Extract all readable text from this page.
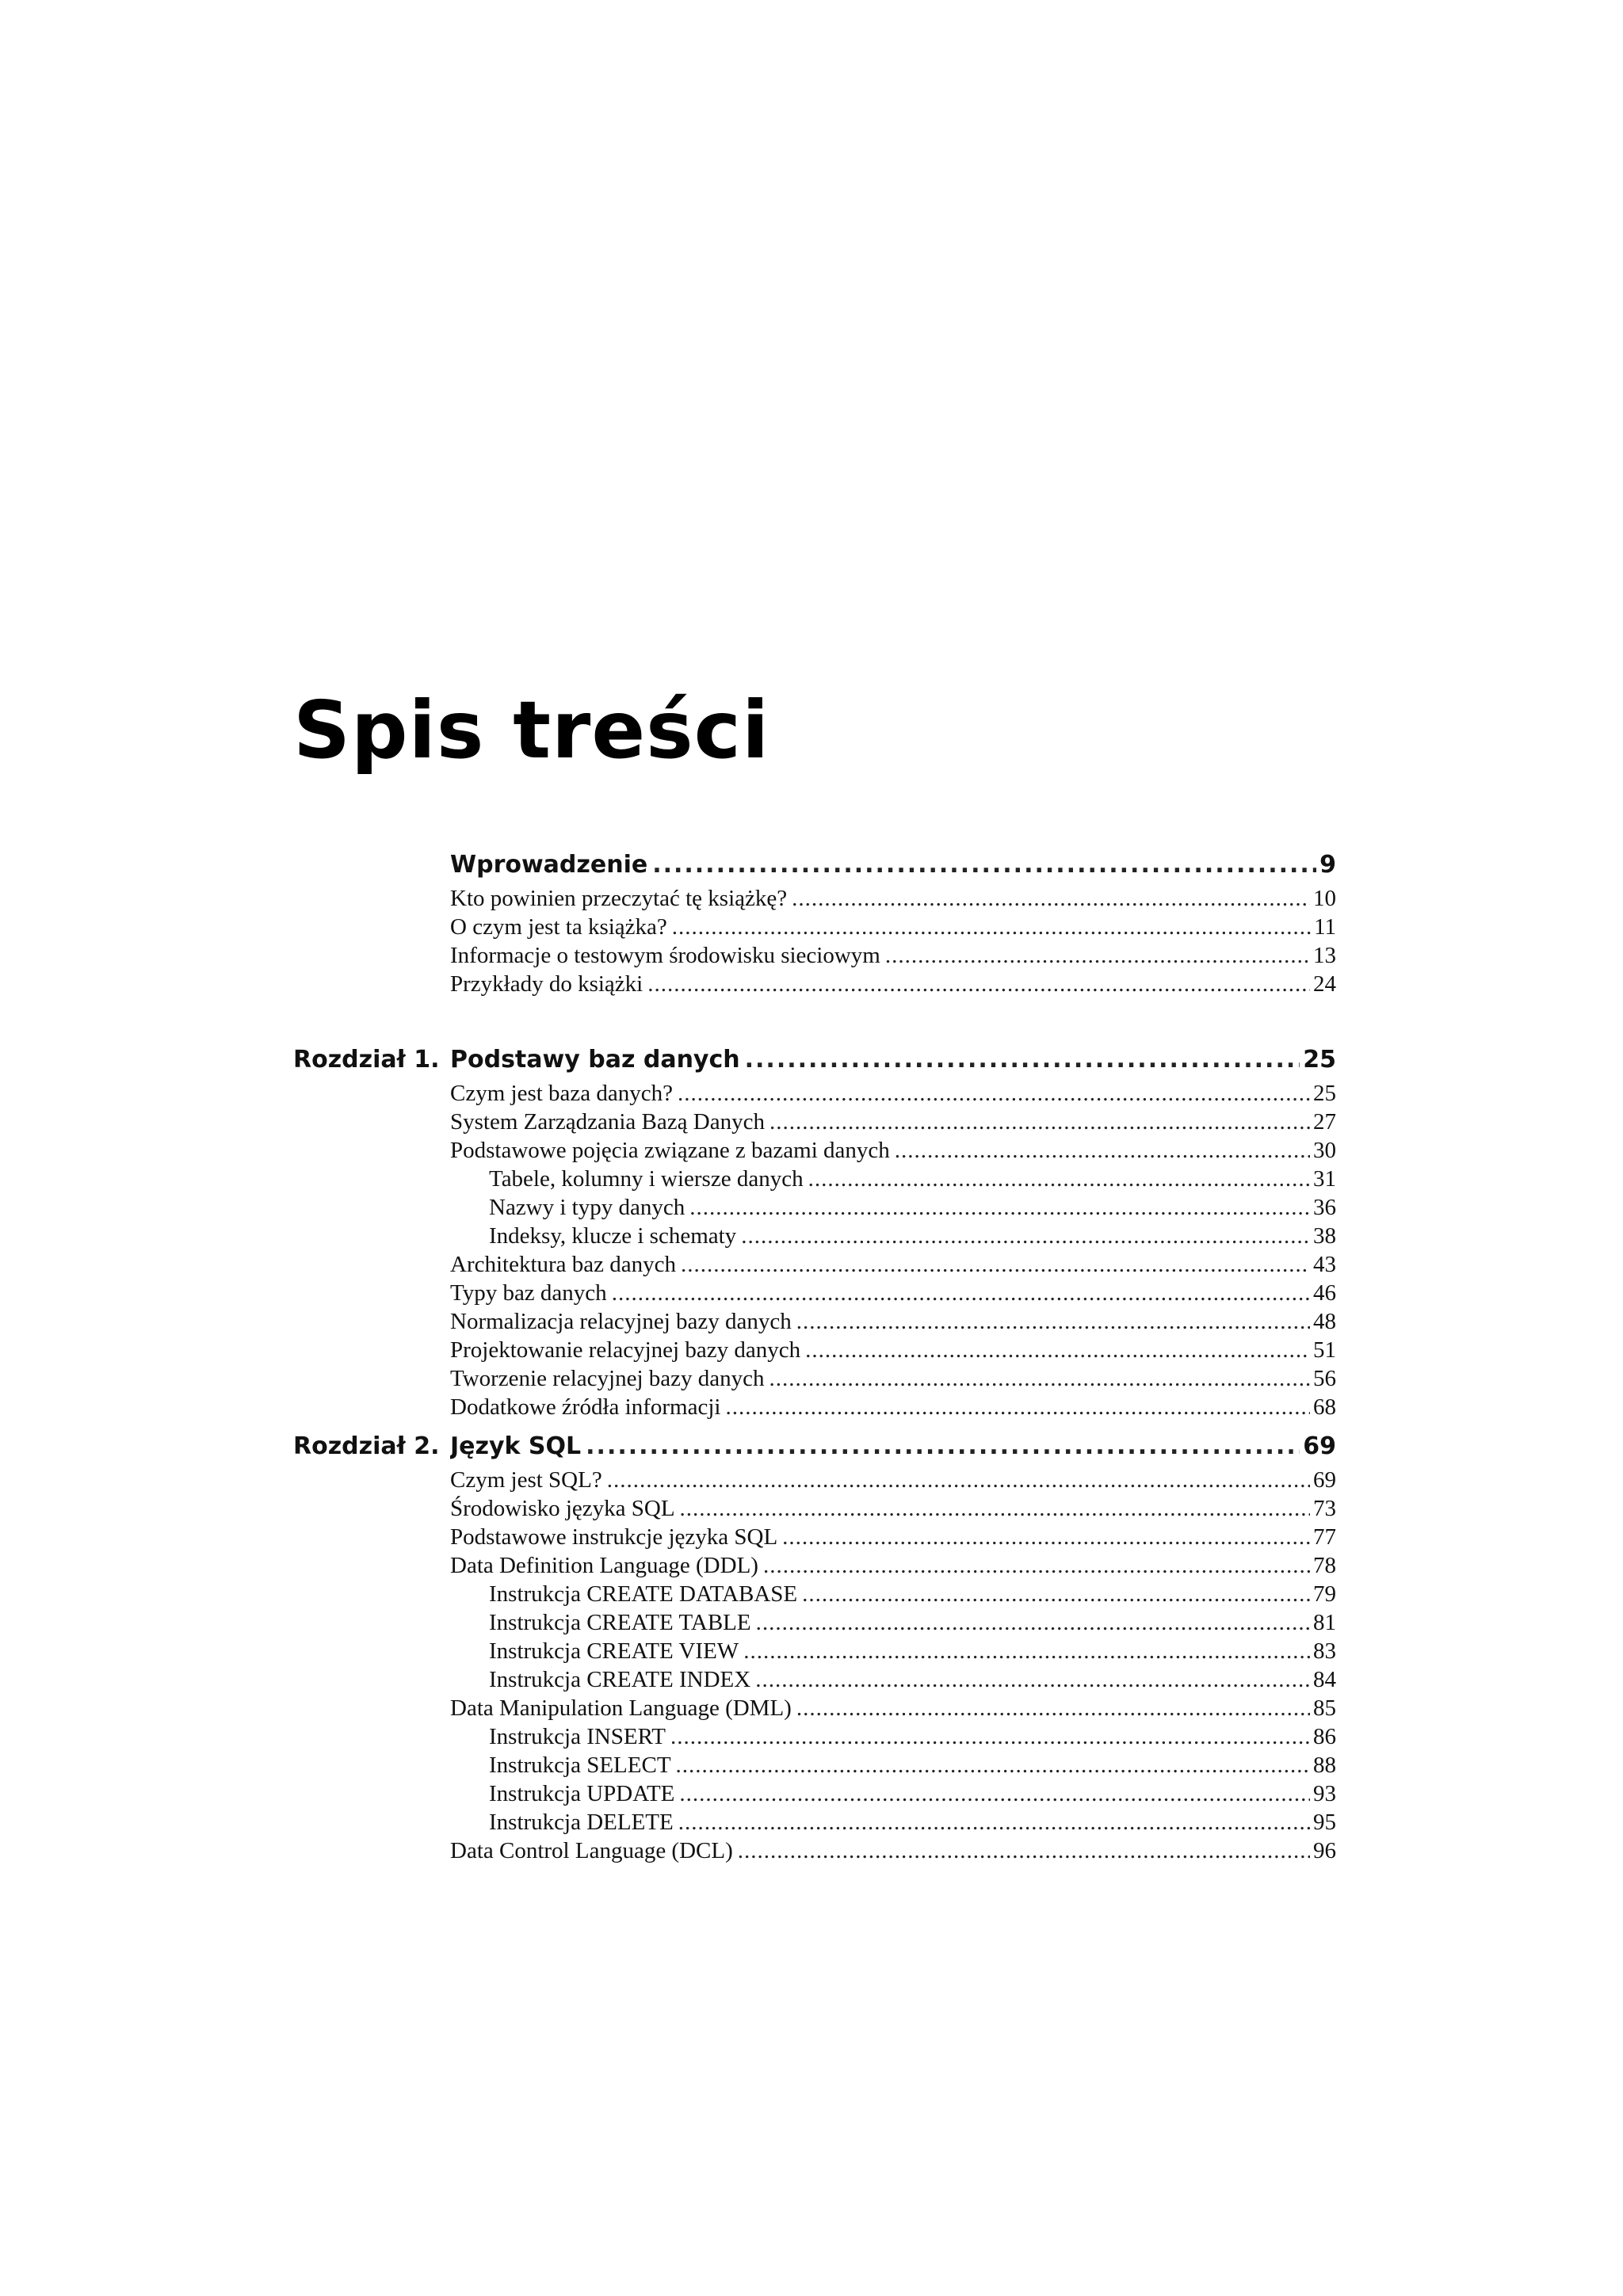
Spis treści
Wprowadzenie .....	9
Kto powinien przeczytać tę książkę? .....	10
O czym jest ta książka? .....	11
Informacje o testowym środowisku sieciowym .....	13
Przykłady do książki .....	24
Rozdział 1. Podstawy baz danych .....	25
Czym jest baza danych? .....	25
System Zarządzania Bazą Danych .....	27
Podstawowe pojęcia związane z bazami danych .....	30
Tabele, kolumny i wiersze danych .....	31
Nazwy i typy danych .....	36
Indeksy, klucze i schematy .....	38
Architektura baz danych .....	43
Typy baz danych .....	46
Normalizacja relacyjnej bazy danych .....	48
Projektowanie relacyjnej bazy danych .....	51
Tworzenie relacyjnej bazy danych .....	56
Dodatkowe źródła informacji .....	68
Rozdział 2. Język SQL .....	69
Czym jest SQL? .....	69
Środowisko języka SQL .....	73
Podstawowe instrukcje języka SQL .....	77
Data Definition Language (DDL) .....	78
Instrukcja CREATE DATABASE .....	79
Instrukcja CREATE TABLE .....	81
Instrukcja CREATE VIEW .....	83
Instrukcja CREATE INDEX .....	84
Data Manipulation Language (DML) .....	85
Instrukcja INSERT .....	86
Instrukcja SELECT .....	88
Instrukcja UPDATE .....	93
Instrukcja DELETE .....	95
Data Control Language (DCL) .....	96
